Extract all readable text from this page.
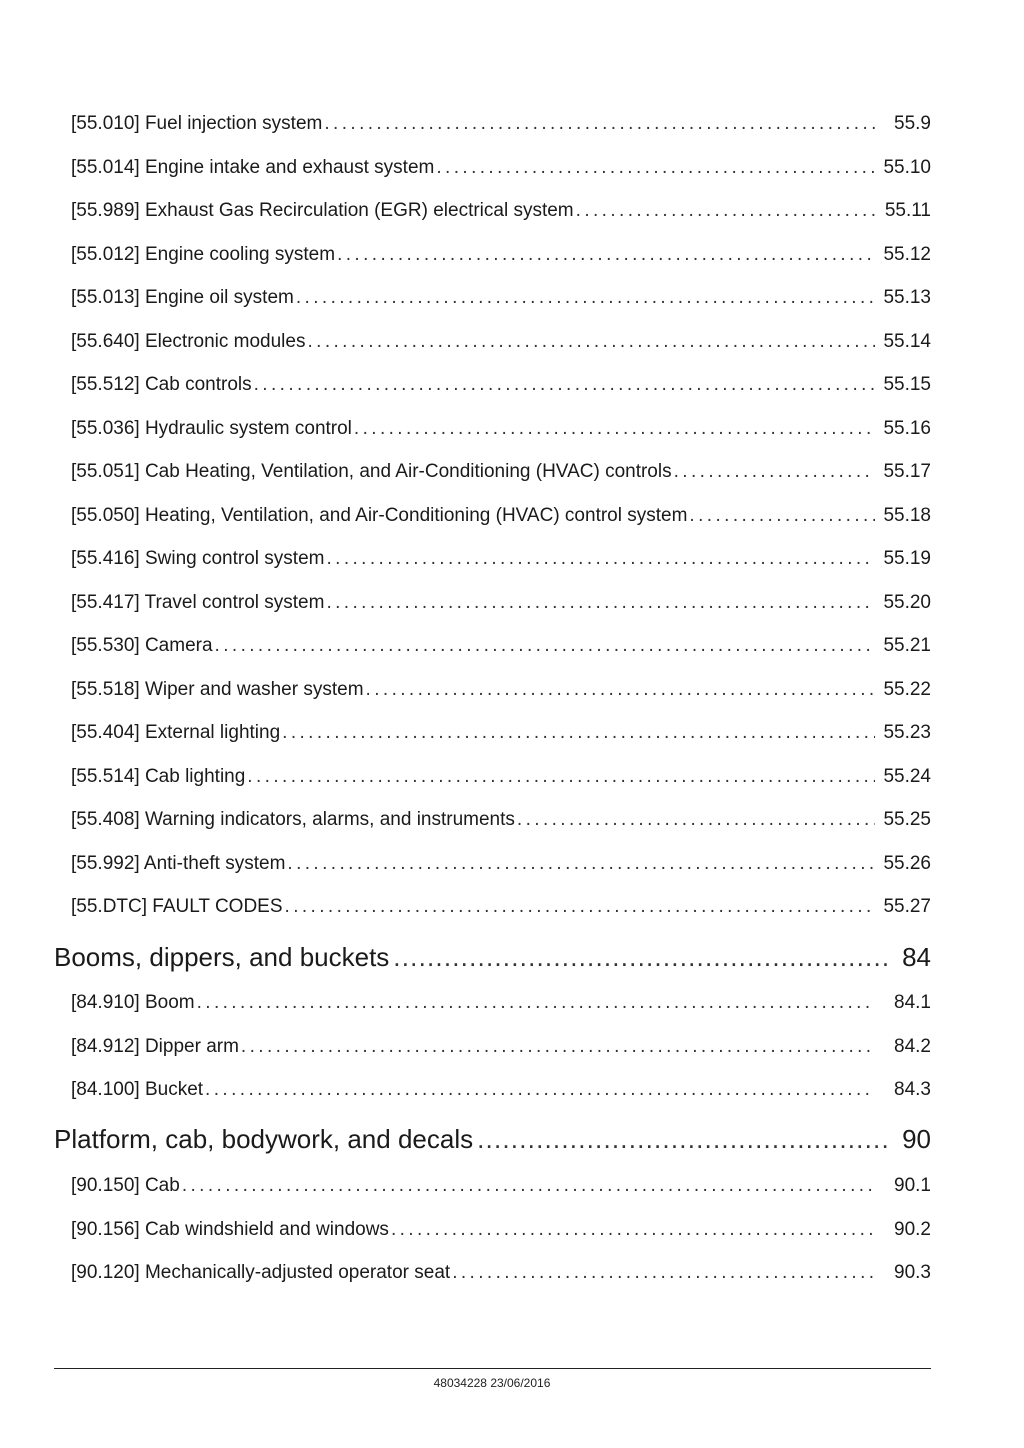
[55.010] Fuel injection system .....	55.9
[55.014] Engine intake and exhaust system .....	55.10
[55.989] Exhaust Gas Recirculation (EGR) electrical system .....	55.11
[55.012] Engine cooling system .....	55.12
[55.013] Engine oil system .....	55.13
[55.640] Electronic modules .....	55.14
[55.512] Cab controls .....	55.15
[55.036] Hydraulic system control .....	55.16
[55.051] Cab Heating, Ventilation, and Air-Conditioning (HVAC) controls .....	55.17
[55.050] Heating, Ventilation, and Air-Conditioning (HVAC) control system .....	55.18
[55.416] Swing control system .....	55.19
[55.417] Travel control system .....	55.20
[55.530] Camera .....	55.21
[55.518] Wiper and washer system .....	55.22
[55.404] External lighting .....	55.23
[55.514] Cab lighting .....	55.24
[55.408] Warning indicators, alarms, and instruments .....	55.25
[55.992] Anti-theft system .....	55.26
[55.DTC] FAULT CODES .....	55.27
Booms, dippers, and buckets .....	84
[84.910] Boom .....	84.1
[84.912] Dipper arm .....	84.2
[84.100] Bucket .....	84.3
Platform, cab, bodywork, and decals .....	90
[90.150] Cab .....	90.1
[90.156] Cab windshield and windows .....	90.2
[90.120] Mechanically-adjusted operator seat .....	90.3
48034228 23/06/2016
